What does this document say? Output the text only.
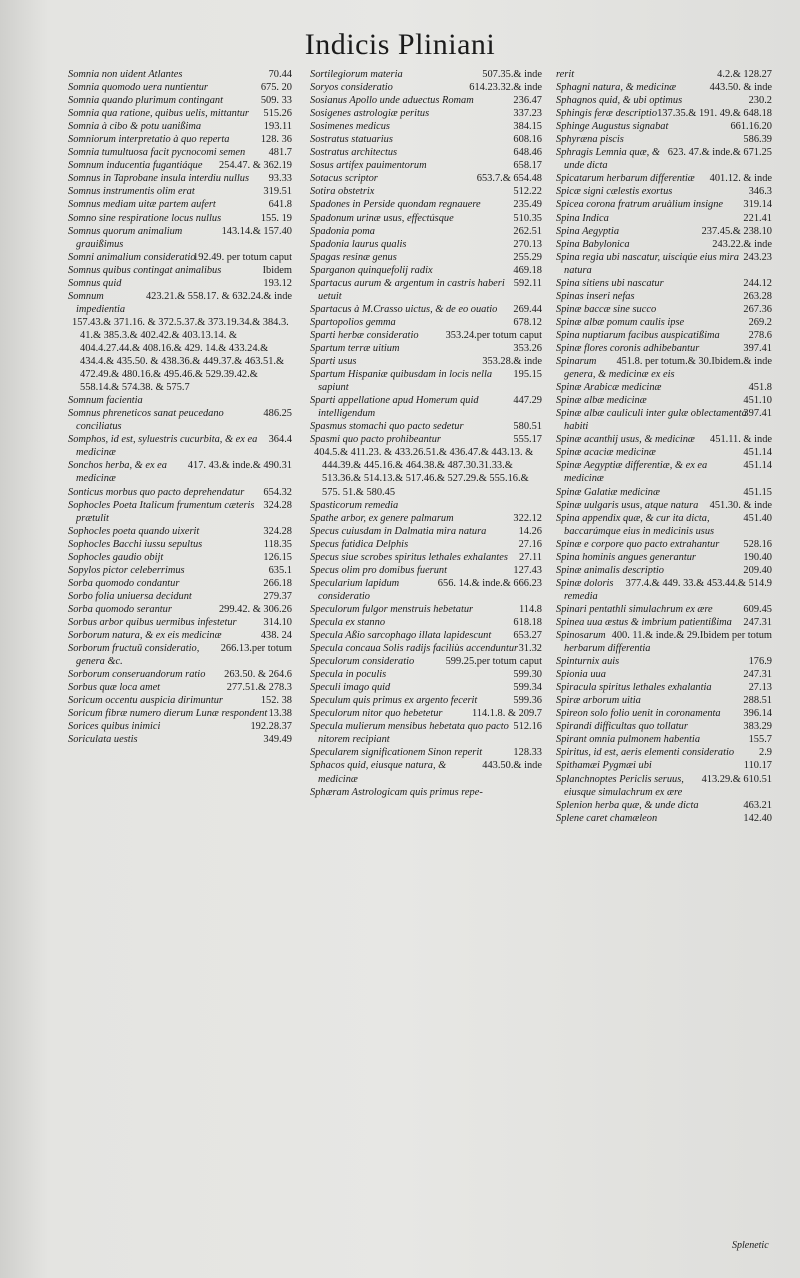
Indicis Pliniani

70.44
Somnia non uident Atlantes

675. 20
Somnia quomodo uera nuntientur

509. 33
Somnia quando plurimum contingant

515.26
Somnia qua ratione, quibus uelis, mittantur

193.11
Somnia à cibo & potu uanißima

128. 36
Somniorum interpretatio à quo reperta

481.7
Somnia tumultuosa facit pycnocomi semen

254.47. & 362.19
Somnum inducentia fugantiáque

93.33
Somnus in Taprobane insula interdiu nullus

319.51
Somnus instrumentis olim erat

641.8
Somnus mediam uitæ partem aufert

155. 19
Somno sine respiratione locus nullus

143.14.& 157.40
Somnus quorum animalium grauißimus

192.49. per totum caput
Somni animalium consideratio

Ibidem
Somnus quibus contingat animalibus

193.12
Somnus quid

423.21.& 558.17. & 632.24.& inde
Somnum impedientia

157.43.& 371.16. & 372.5.37.& 373.19.34.& 384.3. 41.& 385.3.& 402.42.& 403.13.14. & 404.4.27.44.& 408.16.& 429. 14.& 433.24.& 434.4.& 435.50. & 438.36.& 449.37.& 463.51.& 472.49.& 480.16.& 495.46.& 529.39.42.& 558.14.& 574.38. & 575.7
Somnum facientia

486.25
Somnus phreneticos sanat peucedano conciliatus

364.4
Somphos, id est, syluestris cucurbita, & ex ea medicinæ

417. 43.& inde.& 490.31
Sonchos herba, & ex ea medicinæ

654.32
Sonticus morbus quo pacto deprehendatur

324.28
Sophocles Poeta Italicum frumentum cæteris prætulit

324.28
Sophocles poeta quando uixerit

118.35
Sophocles Bacchi iussu sepultus

126.15
Sophocles gaudio obijt

635.1
Sopylos pictor celeberrimus

266.18
Sorba quomodo condantur

279.37
Sorbo folia uniuersa decidunt

299.42. & 306.26
Sorba quomodo serantur

314.10
Sorbus arbor quibus uermibus infestetur

438. 24
Sorborum natura, & ex eis medicinæ

266.13.per totum
Sorborum fructuū consideratio, genera &c.

263.50. & 264.6
Sorborum conseruandorum ratio

277.51.& 278.3
Sorbus quæ loca amet

152. 38
Soricum occentu auspicia dirimuntur

13.38
Soricum fibræ numero dierum Lunæ respondent

192.28.37
Sorices quibus inimici

349.49
Soriculata uestis

507.35.& inde
Sortilegiorum materia

614.23.32.& inde
Soryos consideratio

236.47
Sosianus Apollo unde aduectus Romam

337.23
Sosigenes astrologiæ peritus

384.15
Sosimenes medicus

608.16
Sostratus statuarius

648.46
Sostratus architectus

658.17
Sosus artifex pauimentorum

653.7.& 654.48
Sotacus scriptor

512.22
Sotira obstetrix

235.49
Spadones in Perside quondam regnauere

510.35
Spadonum urinæ usus, effectúsque

262.51
Spadonia poma

270.13
Spadonia laurus qualis

255.29
Spagas resinæ genus

469.18
Sparganon quinquefolij radix

592.11
Spartacus aurum & argentum in castris haberi uetuit

269.44
Spartacus à M.Crasso uictus, & de eo ouatio

678.12
Spartopolios gemma

353.24.per totum caput
Sparti herbæ consideratio

353.26
Spartum terræ uitium

353.28.& inde
Sparti usus

195.15
Spartum Hispaniæ quibusdam in locis nella sapiunt

447.29
Sparti appellatione apud Homerum quid intelligendum

580.51
Spasmus stomachi quo pacto sedetur

555.17
Spasmi quo pacto prohibeantur

404.5.& 411.23. & 433.26.51.& 436.47.& 443.13. & 444.39.& 445.16.& 464.38.& 487.30.31.33.& 513.36.& 514.13.& 517.46.& 527.29.& 555.16.& 575. 51.& 580.45
Spasticorum remedia

322.12
Spathe arbor, ex genere palmarum

14.26
Specus cuiusdam in Dalmatia mira natura

27.16
Specus fatidica Delphis

27.11
Specus siue scrobes spiritus lethales exhalantes

127.43
Specus olim pro domibus fuerunt

656. 14.& inde.& 666.23
Specularium lapidum consideratio

114.8
Speculorum fulgor menstruis hebetatur

618.18
Specula ex stanno

653.27
Specula Aßio sarcophago illata lapidescunt

31.32
Specula concaua Solis radijs faciliùs accenduntur

599.25.per totum caput
Speculorum consideratio

599.30
Specula in poculis

599.34
Speculi imago quid

599.36
Speculum quis primus ex argento fecerit

114.1.8. & 209.7
Speculorum nitor quo hebetetur

512.16
Specula mulierum mensibus hebetata quo pacto nitorem recipiant

128.33
Specularem significationem Sinon reperit

443.50.& inde
Sphacos quid, eiusque natura, & medicinæ

Sphæram Astrologicam quis primus repe-

4.2.& 128.27
rerit

443.50. & inde
Sphagni natura, & medicinæ

230.2
Sphagnos quid, & ubi optimus

137.35.& 191. 49.& 648.18
Sphingis feræ descriptio

661.16.20
Sphinge Augustus signabat

586.39
Sphyræna piscis

623. 47.& inde.& 671.25
Sphragis Lemnia quæ, & unde dicta

401.12. & inde
Spicatarum herbarum differentiæ

346.3
Spicæ signi cælestis exortus

319.14
Spicea corona fratrum aruàlium insigne

221.41
Spina Indica

237.45.& 238.10
Spina Aegyptia

243.22.& inde
Spina Babylonica

243.23
Spina regia ubi nascatur, uisciqúe eius mira natura

244.12
Spina sitiens ubi nascatur

263.28
Spinas inseri nefas

267.36
Spinæ baccæ sine succo

269.2
Spinæ albæ pomum caulis ipse

278.6
Spina nuptiarum facibus auspicatißima

397.41
Spinæ flores coronis adhibebantur

451.8. per totum.& 30.Ibidem.& inde
Spinarum genera, & medicinæ ex eis

451.8
Spinæ Arabicæ medicinæ

451.10
Spinæ albæ medicinæ

397.41
Spinæ albæ cauliculi inter gulæ oblectamenta habiti

451.11. & inde
Spinæ acanthij usus, & medicinæ

451.14
Spinæ acaciæ medicinæ

451.14
Spinæ Aegyptiæ differentiæ, & ex ea medicinæ

451.15
Spinæ Galatiæ medicinæ

451.30. & inde
Spinæ uulgaris usus, atque natura

451.40
Spina appendix quæ, & cur ita dicta, baccarúmque eius in medicinis usus

528.16
Spinæ e corpore quo pacto extrahantur

190.40
Spina hominis angues generantur

209.40
Spinæ animalis descriptio

377.4.& 449. 33.& 453.44.& 514.9
Spinæ doloris remedia

609.45
Spinari pentathli simulachrum ex ære

247.31
Spinea uua æstus & imbrium patientißima

400. 11.& inde.& 29.Ibidem per totum
Spinosarum herbarum differentia

176.9
Spinturnix auis

247.31
Spionia uua

27.13
Spiracula spiritus lethales exhalantia

288.51
Spiræ arborum uitia

396.14
Spireon solo folio uenit in coronamenta

383.29
Spirandi difficultas quo tollatur

155.7
Spirant omnia pulmonem habentia

2.9
Spiritus, id est, aeris elementi consideratio

110.17
Spithamæi Pygmæi ubi

413.29.& 610.51
Splanchnoptes Periclis seruus, eiusque simulachrum ex ære

463.21
Splenion herba quæ, & unde dicta

142.40
Splene caret chamæleon

Splenetic
